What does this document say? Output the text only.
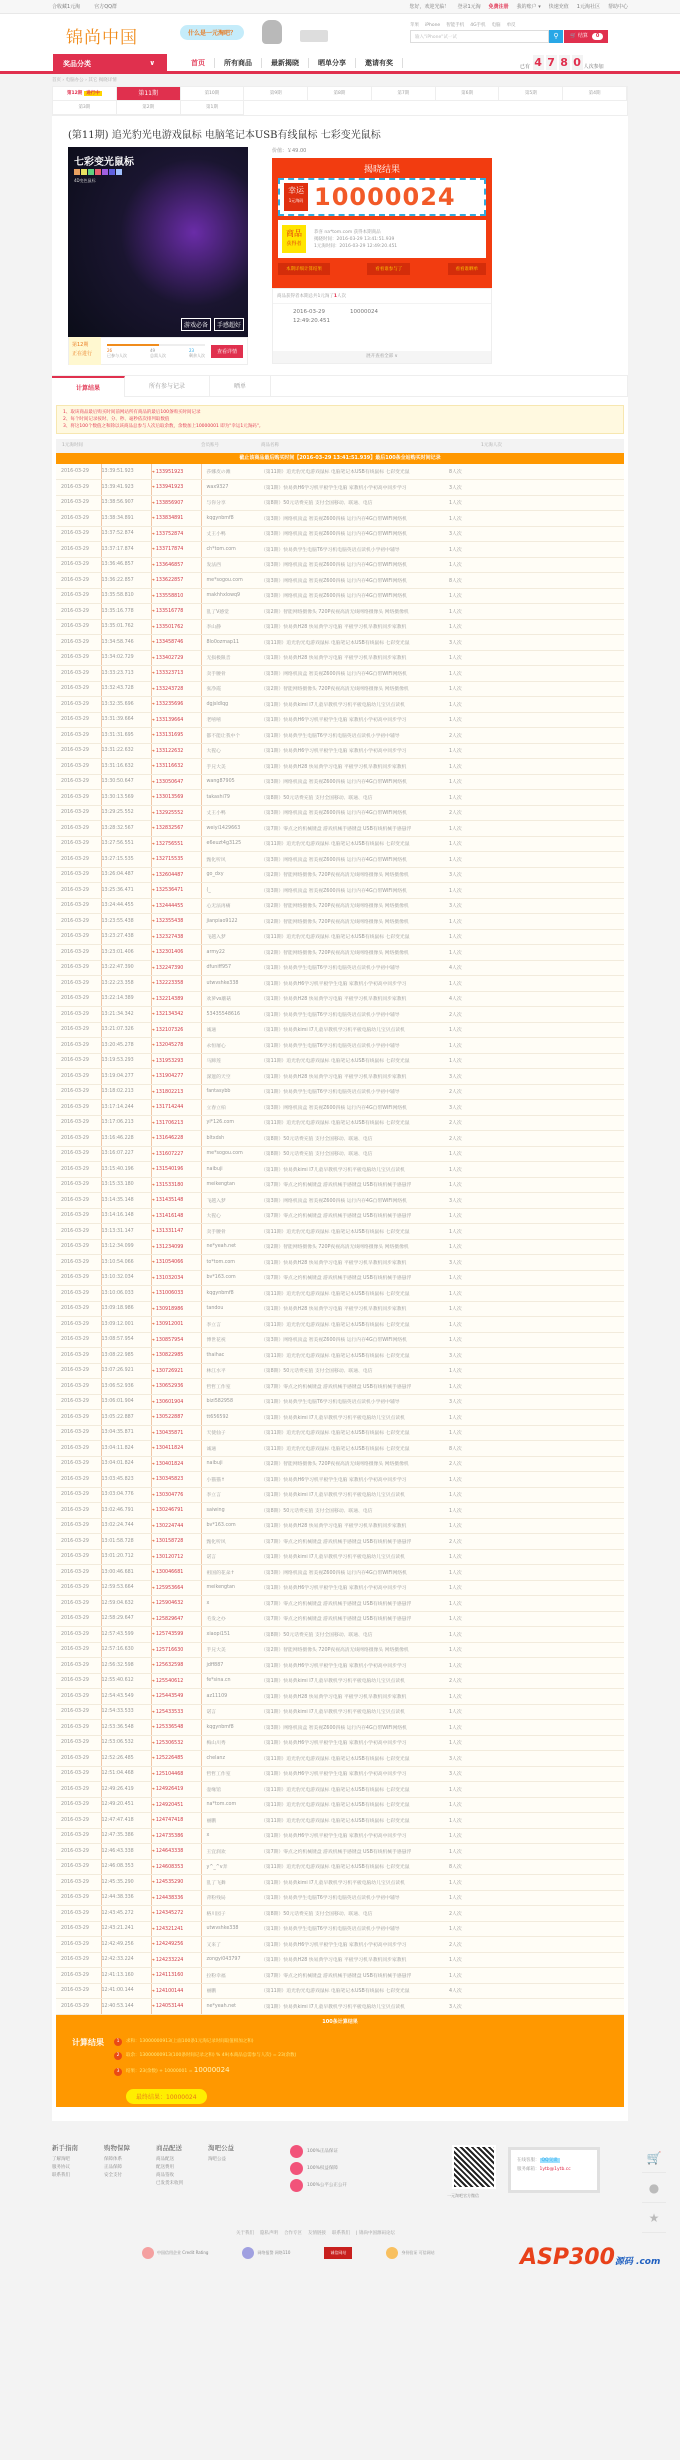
合收藏1元淘	官方QQ群	您好，欢迎光临！ 登录1元淘 免费注册 我的账户 ▾ 快速充值 1元淘社区 帮助中心
锦尚中国	什么是一元淘吧？
苹果 iPhone 智能手机 4G手机 电脑 单反
输入"iPhone"试一试	⚲	🛒 结算 0
奖品分类	∨	首页	所有商品	最新揭晓	晒单分享	邀请有奖	已有
4 7 8 0 人次参加
首页 › 电脑办公 › 其它 揭晓详情
第12期 进行中	第11期	第10期	第9期	第8期	第7期	第6期	第5期	第4期
第3期	第2期	第1期
(第11期) 追光豹光电游戏鼠标 电脑笔记本USB有线鼠标 七彩变光鼠标
七彩变光鼠标
4D变色鼠标
游戏必备	手感超好
第12期
正在进行
26
已参与人次
49
总需人次
23
剩余人次
查看详情
价值：￥49.00
揭晓结果
幸运
1元淘码 10000024
商品
获得者
恭喜 na*tom.com 获得本期商品
揭晓时间：2016-03-29 13:41:51.939
1元淘时间：2016-03-29 12:49:20.451
本期详细计算结果	看看谁参与了	看看谁晒单
商品获得者本期总共1元淘了1人次
2016-03-29
12:49:20.451
10000024
展开查看全部 ∨
计算结果	所有参与记录	晒单
1、取该商品最后购买时间前网站所有商品的最后100条购买时间记录
2、每个时间记录按时、分、秒、毫秒依次排列取数值
3、将这100个数值之和除以该商品总参与人次后取余数，余数加上10000001 即为"幸运1元淘码"。
1元淘时间	会员账号	商品名称	1元淘人次
截止该商品最后购买时间【2016-03-29 13:41:51.939】最后100条全站购买时间记录
2016-03-29	13:39:51.923	➜ 133951923	莎娜皮の滩	（第11期）追光豹光电游戏鼠标 电脑笔记本USB有线鼠标 七彩变光鼠	8人次
2016-03-29	13:39:41.923	➜ 133941923	wax9327	（第1期）快易典H6学习机平板学生电脑 家教机小学初高中同步学习	3人次
2016-03-29	13:38:56.907	➜ 133856907	与你分享	（第8期）50元话费充值 支付全国移动、联通、电信	1人次
2016-03-29	13:38:34.891	➜ 133834891	kqgynbmf8	（第3期）网络机顶盒 智美视Z600四核 运行内存4G自带WIFI网络机	1人次
2016-03-29	13:37:52.874	➜ 133752874	丈王小鸭	（第3期）网络机顶盒 智美视Z600四核 运行内存4G自带WIFI网络机	3人次
2016-03-29	13:37:17.874	➜ 133717874	ch*tom.com	（第1期）快易典学生电脑T6学习机电脑英语点读机小学初中辅导	1人次
2016-03-29	13:36:46.857	➜ 133646857	发法西	（第3期）网络机顶盒 智美视Z600四核 运行内存4G自带WIFI网络机	1人次
2016-03-29	13:36:22.857	➜ 133622857	me*sogou.com	（第3期）网络机顶盒 智美视Z600四核 运行内存4G自带WIFI网络机	8人次
2016-03-29	13:35:58.810	➜ 133558810	makhhxlowq9	（第3期）网络机顶盒 智美视Z600四核 运行内存4G自带WIFI网络机	1人次
2016-03-29	13:35:16.778	➜ 133516778	乱了V感觉	（第2期）智能网络摄像头 720P夜视高清无线网络摄像头 网络摄像机	1人次
2016-03-29	13:35:01.762	➜ 133501762	李山静	（第1期）快易典H28 快易典学习电脑 平板学习机早教机同步家教机	1人次
2016-03-29	13:34:58.746	➜ 133458746	8lo0ozmap11	（第11期）追光豹光电游戏鼠标 电脑笔记本USB有线鼠标 七彩变光鼠	3人次
2016-03-29	13:34:02.729	➜ 133402729	无损极限音	（第1期）快易典H28 快易典学习电脑 平板学习机早教机同步家教机	1人次
2016-03-29	13:33:23.713	➜ 133323713	卖手腰骨	（第3期）网络机顶盒 智美视Z600四核 运行内存4G自带WIFI网络机	1人次
2016-03-29	13:32:43.728	➜ 133243728	张净霞	（第2期）智能网络摄像头 720P夜视高清无线网络摄像头 网络摄像机	1人次
2016-03-29	13:32:35.696	➜ 133235696	dgjsldlqg	（第1期）快易典kimi I7儿童早教机学习机平板电脑幼儿宝贝点读机	1人次
2016-03-29	13:31:39.664	➜ 133139664	老嘻嘻	（第1期）快易典H6学习机平板学生电脑 家教机小学初高中同步学习	1人次
2016-03-29	13:31:31.695	➜ 133131695	都不能让我中个	（第1期）快易典学生电脑T6学习机电脑英语点读机小学初中辅导	2人次
2016-03-29	13:31:22.632	➜ 133122632	大猩心	（第1期）快易典H6学习机平板学生电脑 家教机小学初高中同步学习	1人次
2016-03-29	13:31:16.632	➜ 133116632	手兄大美	（第1期）快易典H28 快易典学习电脑 平板学习机早教机同步家教机	1人次
2016-03-29	13:30:50.647	➜ 133050647	wang87905	（第3期）网络机顶盒 智美视Z600四核 运行内存4G自带WIFI网络机	1人次
2016-03-29	13:30:13.569	➜ 133013569	takashi79	（第8期）50元话费充值 支付全国移动、联通、电信	1人次
2016-03-29	13:29:25.552	➜ 132925552	丈王小鸭	（第3期）网络机顶盒 智美视Z600四核 运行内存4G自带WIFI网络机	2人次
2016-03-29	13:28:32.567	➜ 132832567	weiyi1429663	（第7期）零点之约机械键盘 游戏机械手感键盘 USB有线机械手感悬浮	1人次
2016-03-29	13:27:56.551	➜ 132756551	e6euzt4g3125	（第11期）追光豹光电游戏鼠标 电脑笔记本USB有线鼠标 七彩变光鼠	1人次
2016-03-29	13:27:15.535	➜ 132715535	甄化听风	（第3期）网络机顶盒 智美视Z600四核 运行内存4G自带WIFI网络机	1人次
2016-03-29	13:26:04.487	➜ 132604487	go_dxy	（第2期）智能网络摄像头 720P夜视高清无线网络摄像头 网络摄像机	3人次
2016-03-29	13:25:36.471	➜ 132536471	(_	（第3期）网络机顶盒 智美视Z600四核 运行内存4G自带WIFI网络机	1人次
2016-03-29	13:24:44.455	➜ 132444455	心无法再痛	（第2期）智能网络摄像头 720P夜视高清无线网络摄像头 网络摄像机	3人次
2016-03-29	13:23:55.438	➜ 132355438	jianpiao9122	（第2期）智能网络摄像头 720P夜视高清无线网络摄像头 网络摄像机	1人次
2016-03-29	13:23:27.438	➜ 132327438	飞越入梦	（第11期）追光豹光电游戏鼠标 电脑笔记本USB有线鼠标 七彩变光鼠	1人次
2016-03-29	13:23:01.406	➜ 132301406	army22	（第2期）智能网络摄像头 720P夜视高清无线网络摄像头 网络摄像机	1人次
2016-03-29	13:22:47.390	➜ 132247390	dfuniff957	（第1期）快易典学生电脑T6学习机电脑英语点读机小学初中辅导	4人次
2016-03-29	13:22:23.358	➜ 132223358	utwvshke338	（第1期）快易典H6学习机平板学生电脑 家教机小学初高中同步学习	1人次
2016-03-29	13:22:14.389	➜ 132214389	欢萝vs蘑菇	（第1期）快易典H28 快易典学习电脑 平板学习机早教机同步家教机	4人次
2016-03-29	13:21:34.342	➜ 132134342	53435548616	（第1期）快易典学生电脑T6学习机电脑英语点读机小学初中辅导	2人次
2016-03-29	13:21:07.326	➜ 132107326	诚通	（第1期）快易典kimi I7儿童早教机学习机平板电脑幼儿宝贝点读机	1人次
2016-03-29	13:20:45.278	➜ 132045278	永恒屠心	（第1期）快易典学生电脑T6学习机电脑英语点读机小学初中辅导	1人次
2016-03-29	13:19:53.293	➜ 131953293	马蹄莲	（第11期）追光豹光电游戏鼠标 电脑笔记本USB有线鼠标 七彩变光鼠	1人次
2016-03-29	13:19:04.277	➜ 131904277	深邃的天空	（第1期）快易典H28 快易典学习电脑 平板学习机早教机同步家教机	3人次
2016-03-29	13:18:02.213	➜ 131802213	fantasybb	（第1期）快易典学生电脑T6学习机电脑英语点读机小学初中辅导	2人次
2016-03-29	13:17:14.244	➜ 131714244	立春立柏	（第3期）网络机顶盒 智美视Z600四核 运行内存4G自带WIFI网络机	3人次
2016-03-29	13:17:06.213	➜ 131706213	yi*126.com	（第11期）追光豹光电游戏鼠标 电脑笔记本USB有线鼠标 七彩变光鼠	2人次
2016-03-29	13:16:46.228	➜ 131646228	bltxdsh	（第8期）50元话费充值 支付全国移动、联通、电信	2人次
2016-03-29	13:16:07.227	➜ 131607227	me*sogou.com	（第8期）50元话费充值 支付全国移动、联通、电信	1人次
2016-03-29	13:15:40.196	➜ 131540196	naibuji	（第1期）快易典kimi I7儿童早教机学习机平板电脑幼儿宝贝点读机	1人次
2016-03-29	13:15:33.180	➜ 131533180	meikengtan	（第7期）零点之约机械键盘 游戏机械手感键盘 USB有线机械手感悬浮	1人次
2016-03-29	13:14:35.148	➜ 131435148	飞越入梦	（第3期）网络机顶盒 智美视Z600四核 运行内存4G自带WIFI网络机	3人次
2016-03-29	13:14:16.148	➜ 131416148	大猩心	（第7期）零点之约机械键盘 游戏机械手感键盘 USB有线机械手感悬浮	1人次
2016-03-29	13:13:31.147	➜ 131331147	卖手腰骨	（第11期）追光豹光电游戏鼠标 电脑笔记本USB有线鼠标 七彩变光鼠	1人次
2016-03-29	13:12:34.099	➜ 131234099	ne*yeah.net	（第2期）智能网络摄像头 720P夜视高清无线网络摄像头 网络摄像机	1人次
2016-03-29	13:10:54.066	➜ 131054066	to*tom.com	（第1期）快易典H28 快易典学习电脑 平板学习机早教机同步家教机	3人次
2016-03-29	13:10:32.034	➜ 131032034	bv*163.com	（第7期）零点之约机械键盘 游戏机械手感键盘 USB有线机械手感悬浮	1人次
2016-03-29	13:10:06.033	➜ 131006033	kqgynbmf8	（第11期）追光豹光电游戏鼠标 电脑笔记本USB有线鼠标 七彩变光鼠	1人次
2016-03-29	13:09:18.986	➜ 130918986	tandou	（第1期）快易典H28 快易典学习电脑 平板学习机早教机同步家教机	1人次
2016-03-29	13:09:12.001	➜ 130912001	李立言	（第11期）追光豹光电游戏鼠标 电脑笔记本USB有线鼠标 七彩变光鼠	1人次
2016-03-29	13:08:57.954	➜ 130857954	博世花祝	（第3期）网络机顶盒 智美视Z600四核 运行内存4G自带WIFI网络机	1人次
2016-03-29	13:08:22.985	➜ 130822985	thaihac	（第11期）追光豹光电游戏鼠标 电脑笔记本USB有线鼠标 七彩变光鼠	3人次
2016-03-29	13:07:26.921	➜ 130726921	林江水平	（第8期）50元话费充值 支付全国移动、联通、电信	1人次
2016-03-29	13:06:52.936	➜ 130652936	哲哲工作室	（第7期）零点之约机械键盘 游戏机械手感键盘 USB有线机械手感悬浮	1人次
2016-03-29	13:06:01.904	➜ 130601904	bizi582958	（第1期）快易典学生电脑T6学习机电脑英语点读机小学初中辅导	3人次
2016-03-29	13:05:22.887	➜ 130522887	tt656592	（第1期）快易典kimi I7儿童早教机学习机平板电脑幼儿宝贝点读机	1人次
2016-03-29	13:04:35.871	➜ 130435871	天使仙子	（第11期）追光豹光电游戏鼠标 电脑笔记本USB有线鼠标 七彩变光鼠	1人次
2016-03-29	13:04:11.824	➜ 130411824	诚通	（第11期）追光豹光电游戏鼠标 电脑笔记本USB有线鼠标 七彩变光鼠	8人次
2016-03-29	13:04:01.824	➜ 130401824	naibuji	（第2期）智能网络摄像头 720P夜视高清无线网络摄像头 网络摄像机	2人次
2016-03-29	13:03:45.823	➜ 130345823	小猫猫↑	（第1期）快易典H6学习机平板学生电脑 家教机小学初高中同步学习	1人次
2016-03-29	13:03:04.776	➜ 130304776	李立言	（第1期）快易典kimi I7儿童早教机学习机平板电脑幼儿宝贝点读机	1人次
2016-03-29	13:02:46.791	➜ 130246791	saiwing	（第8期）50元话费充值 支付全国移动、联通、电信	1人次
2016-03-29	13:02:24.744	➜ 130224744	bv*163.com	（第1期）快易典H28 快易典学习电脑 平板学习机早教机同步家教机	1人次
2016-03-29	13:01:58.728	➜ 130158728	甄化听风	（第7期）零点之约机械键盘 游戏机械手感键盘 USB有线机械手感悬浮	2人次
2016-03-29	13:01:20.712	➜ 130120712	诺言	（第1期）快易典kimi I7儿童早教机学习机平板电脑幼儿宝贝点读机	1人次
2016-03-29	13:00:46.681	➜ 130046681	祖国的花朵↑	（第3期）网络机顶盒 智美视Z600四核 运行内存4G自带WIFI网络机	1人次
2016-03-29	12:59:53.664	➜ 125953664	meikengtan	（第1期）快易典H6学习机平板学生电脑 家教机小学初高中同步学习	1人次
2016-03-29	12:59:04.632	➜ 125904632	x	（第7期）零点之约机械键盘 游戏机械手感键盘 USB有线机械手感悬浮	1人次
2016-03-29	12:58:29.647	➜ 125829647	毛发之办	（第7期）零点之约机械键盘 游戏机械手感键盘 USB有线机械手感悬浮	1人次
2016-03-29	12:57:43.599	➜ 125743599	xiaopi151	（第8期）50元话费充值 支付全国移动、联通、电信	1人次
2016-03-29	12:57:16.630	➜ 125716630	手兄大美	（第2期）智能网络摄像头 720P夜视高清无线网络摄像头 网络摄像机	1人次
2016-03-29	12:56:32.598	➜ 125632598	jdff887	（第1期）快易典H6学习机平板学生电脑 家教机小学初高中同步学习	1人次
2016-03-29	12:55:40.612	➜ 125540612	fe*sina.cn	（第1期）快易典kimi I7儿童早教机学习机平板电脑幼儿宝贝点读机	2人次
2016-03-29	12:54:43.549	➜ 125443549	az11109	（第1期）快易典H28 快易典学习电脑 平板学习机早教机同步家教机	1人次
2016-03-29	12:54:33.533	➜ 125433533	诺言	（第1期）快易典kimi I7儿童早教机学习机平板电脑幼儿宝贝点读机	1人次
2016-03-29	12:53:36.548	➜ 125336548	kqgynbmf8	（第3期）网络机顶盒 智美视Z600四核 运行内存4G自带WIFI网络机	1人次
2016-03-29	12:53:06.532	➜ 125306532	梅山川秀	（第1期）快易典H6学习机平板学生电脑 家教机小学初高中同步学习	1人次
2016-03-29	12:52:26.485	➜ 125226485	chelanz	（第11期）追光豹光电游戏鼠标 电脑笔记本USB有线鼠标 七彩变光鼠	3人次
2016-03-29	12:51:04.468	➜ 125104468	哲哲工作室	（第1期）快易典H6学习机平板学生电脑 家教机小学初高中同步学习	3人次
2016-03-29	12:49:26.419	➜ 124926419	壶缘馆	（第11期）追光豹光电游戏鼠标 电脑笔记本USB有线鼠标 七彩变光鼠	1人次
2016-03-29	12:49:20.451	➜ 124920451	na*tom.com	（第11期）追光豹光电游戏鼠标 电脑笔记本USB有线鼠标 七彩变光鼠	1人次
2016-03-29	12:47:47.418	➜ 124747418	丽鹏	（第11期）追光豹光电游戏鼠标 电脑笔记本USB有线鼠标 七彩变光鼠	1人次
2016-03-29	12:47:35.386	➜ 124735386	x	（第1期）快易典H6学习机平板学生电脑 家教机小学初高中同步学习	1人次
2016-03-29	12:46:43.338	➜ 124643338	王宜润欢	（第7期）零点之约机械键盘 游戏机械手感键盘 USB有线机械手感悬浮	1人次
2016-03-29	12:46:08.353	➜ 124608353	y^_^v奔	（第11期）追光豹光电游戏鼠标 电脑笔记本USB有线鼠标 七彩变光鼠	8人次
2016-03-29	12:45:35.290	➜ 124535290	乱了飞舞	（第1期）快易典kimi I7儿童早教机学习机平板电脑幼儿宝贝点读机	1人次
2016-03-29	12:44:38.336	➜ 124438336	背粉残局	（第1期）快易典学生电脑T6学习机电脑英语点读机小学初中辅导	1人次
2016-03-29	12:43:45.272	➜ 124345272	格川园子	（第8期）50元话费充值 支付全国移动、联通、电信	2人次
2016-03-29	12:43:21.241	➜ 124321241	utwvshke338	（第1期）快易典学生电脑T6学习机电脑英语点读机小学初中辅导	1人次
2016-03-29	12:42:49.256	➜ 124249256	又来了	（第1期）快易典H6学习机平板学生电脑 家教机小学初高中同步学习	2人次
2016-03-29	12:42:33.224	➜ 124233224	zongyi043797	（第1期）快易典H28 快易典学习电脑 平板学习机早教机同步家教机	1人次
2016-03-29	12:41:13.160	➜ 124113160	拉粉幸福	（第7期）零点之约机械键盘 游戏机械手感键盘 USB有线机械手感悬浮	1人次
2016-03-29	12:41:00.144	➜ 124100144	丽鹏	（第11期）追光豹光电游戏鼠标 电脑笔记本USB有线鼠标 七彩变光鼠	4人次
2016-03-29	12:40:53.144	➜ 124053144	ne*yeah.net	（第1期）快易典kimi I7儿童早教机学习机平板电脑幼儿宝贝点读机	3人次
100条计算结果
计算结果	1 求和：13000000913(上面100条1元淘记录时间取值相加之和)
2 取余：13000000913(100条时间记录之和) % 49(本商品总需参与人次) = 23(余数)
3 结果：23(余数) + 10000001 = 10000024
最终结果：10000024
新手指南

了解淘吧

服务协议

联系我们

购物保障

保障体系

正品保障

安全支付

商品配送

商品配送

配送费用

商品签收

已发货未收到

淘吧公益

淘吧公益

100%正品保证
100%权益保障
100%公平公正公开
一元淘吧官方微信
在线客服： QQ交谈
服务邮箱：1ytb@1ytb.cc
🛒
●
★
关于我们 隐私声明 合作专区 友情链接 联系我们 | 锦尚中国源码论坛
中国信用企业 Credit Rating	网络报警 网络110	诚信网站	身份验证 可信网站	ASP300源码 .com
